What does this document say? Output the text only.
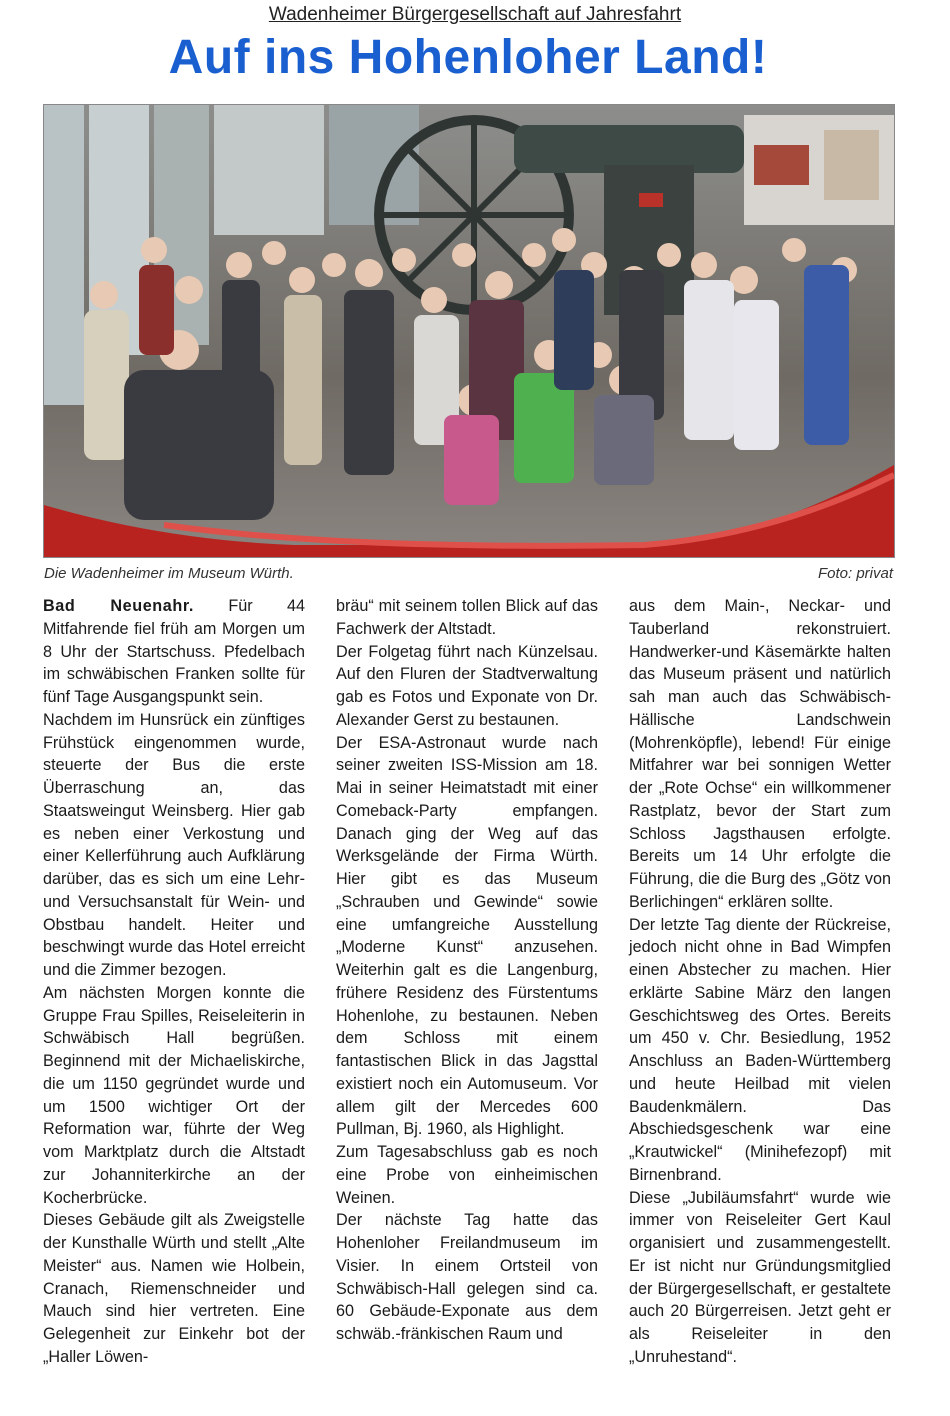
Wadenheimer Bürgergesellschaft auf Jahresfahrt
Auf ins Hohenloher Land!
Die Wadenheimer im Museum Würth.	Foto: privat

Bad Neuenahr. Für 44 Mitfahrende fiel früh am Morgen um 8 Uhr der Startschuss. Pfedelbach im schwäbischen Franken sollte für fünf Tage Ausgangspunkt sein.

Nachdem im Hunsrück ein zünftiges Frühstück eingenommen wurde, steuerte der Bus die erste Überraschung an, das Staatsweingut Weinsberg. Hier gab es neben einer Verkostung und einer Kellerführung auch Aufklärung darüber, das es sich um eine Lehr- und Versuchsanstalt für Wein- und Obstbau handelt. Heiter und beschwingt wurde das Hotel erreicht und die Zimmer bezogen.

Am nächsten Morgen konnte die Gruppe Frau Spilles, Reiseleiterin in Schwäbisch Hall begrüßen. Beginnend mit der Michaeliskirche, die um 1150 gegründet wurde und um 1500 wichtiger Ort der Reformation war, führte der Weg vom Marktplatz durch die Altstadt zur Johanniterkirche an der Kocherbrücke.

Dieses Gebäude gilt als Zweigstelle der Kunsthalle Würth und stellt „Alte Meister“ aus. Namen wie Holbein, Cranach, Riemenschneider und Mauch sind hier vertreten. Eine Gelegenheit zur Einkehr bot der „Haller Löwen-

bräu“ mit seinem tollen Blick auf das Fachwerk der Altstadt.

Der Folgetag führt nach Künzelsau. Auf den Fluren der Stadtverwaltung gab es Fotos und Exponate von Dr. Alexander Gerst zu bestaunen.

Der ESA-Astronaut wurde nach seiner zweiten ISS-Mission am 18. Mai in seiner Heimatstadt mit einer Comeback-Party empfangen. Danach ging der Weg auf das Werksgelände der Firma Würth. Hier gibt es das Museum „Schrauben und Gewinde“ sowie eine umfangreiche Ausstellung „Moderne Kunst“ anzusehen. Weiterhin galt es die Langenburg, frühere Residenz des Fürstentums Hohenlohe, zu bestaunen. Neben dem Schloss mit einem fantastischen Blick in das Jagsttal existiert noch ein Automuseum. Vor allem gilt der Mercedes 600 Pullman, Bj. 1960, als Highlight.

Zum Tagesabschluss gab es noch eine Probe von einheimischen Weinen.

Der nächste Tag hatte das Hohenloher Freilandmuseum im Visier. In einem Ortsteil von Schwäbisch-Hall gelegen sind ca. 60 Gebäude-Exponate aus dem schwäb.-fränkischen Raum und

aus dem Main-, Neckar- und Tauberland rekonstruiert. Handwerker-und Käsemärkte halten das Museum präsent und natürlich sah man auch das Schwäbisch-Hällische Landschwein (Mohrenköpfle), lebend! Für einige Mitfahrer war bei sonnigen Wetter der „Rote Ochse“ ein willkommener Rastplatz, bevor der Start zum Schloss Jagsthausen erfolgte. Bereits um 14 Uhr erfolgte die Führung, die die Burg des „Götz von Berlichingen“ erklären sollte.

Der letzte Tag diente der Rückreise, jedoch nicht ohne in Bad Wimpfen einen Abstecher zu machen. Hier erklärte Sabine März den langen Geschichtsweg des Ortes. Bereits um 450 v. Chr. Besiedlung, 1952 Anschluss an Baden-Württemberg und heute Heilbad mit vielen Baudenkmälern. Das Abschiedsgeschenk war eine „Krautwickel“ (Minihefezopf) mit Birnenbrand.

Diese „Jubiläumsfahrt“ wurde wie immer von Reiseleiter Gert Kaul organisiert und zusammengestellt. Er ist nicht nur Gründungsmitglied der Bürgergesellschaft, er gestaltete auch 20 Bürgerreisen. Jetzt geht er als Reiseleiter in den „Unruhestand“.
